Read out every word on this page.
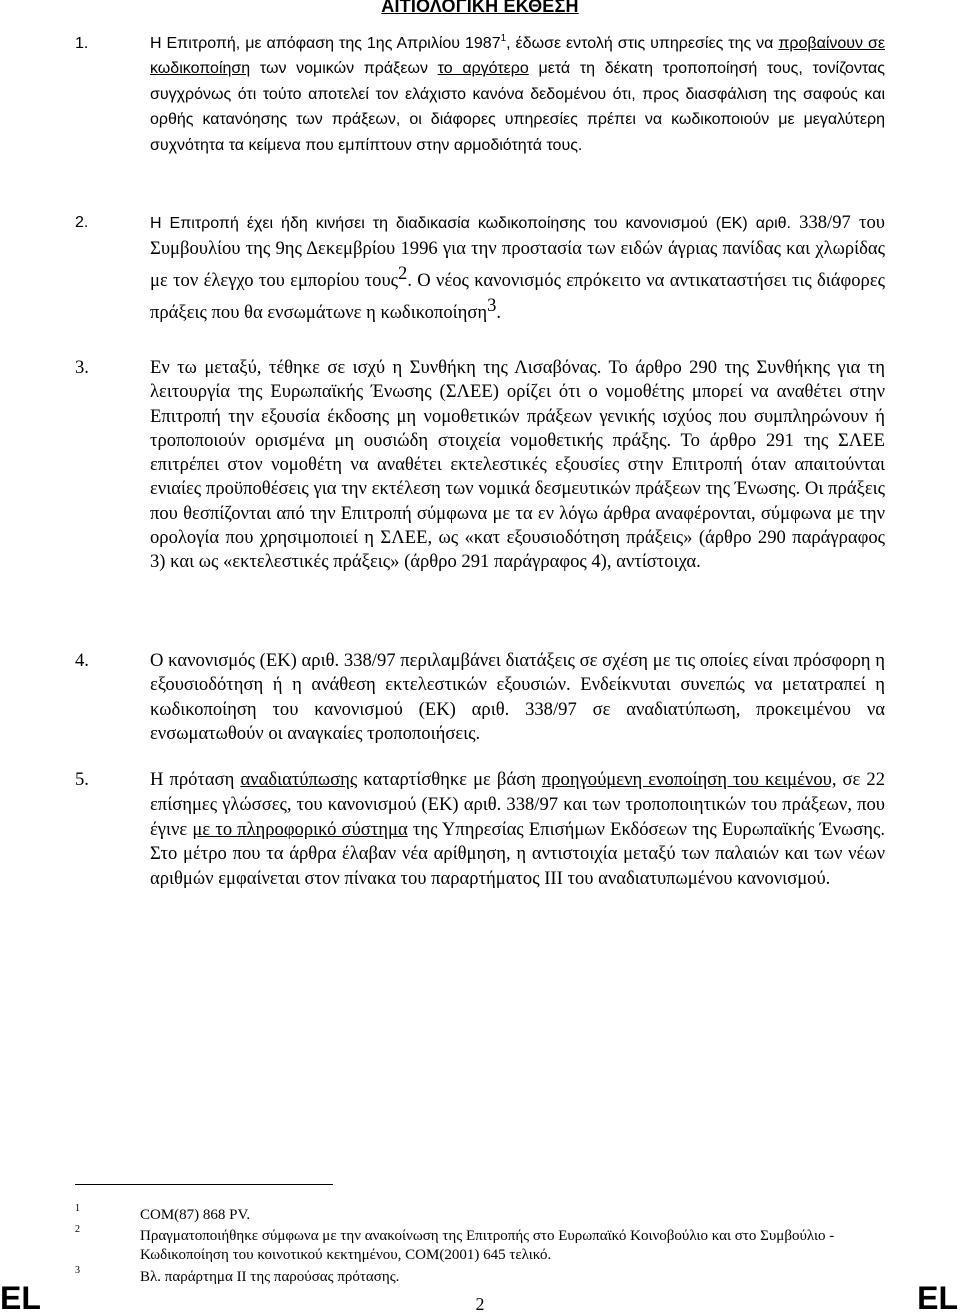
ΑΙΤΙΟΛΟΓΙΚΗ ΕΚΘΕΣΗ
1.	Η Επιτροπή, με απόφαση της 1ης Απριλίου 1987$^1$, έδωσε εντολή στις υπηρεσίες της να προβαίνουν σε κωδικοποίηση των νομικών πράξεων το αργότερο μετά τη δέκατη τροποποίησή τους, τονίζοντας συγχρόνως ότι τούτο αποτελεί τον ελάχιστο κανόνα δεδομένου ότι, προς διασφάλιση της σαφούς και ορθής κατανόησης των πράξεων, οι διάφορες υπηρεσίες πρέπει να κωδικοποιούν με μεγαλύτερη συχνότητα τα κείμενα που εμπίπτουν στην αρμοδιότητά τους.
2.	Η Επιτροπή έχει ήδη κινήσει τη διαδικασία κωδικοποίησης του κανονισμού (ΕΚ) αριθ. 338/97 του Συμβουλίου της 9ης Δεκεμβρίου 1996 για την προστασία των ειδών άγριας πανίδας και χλωρίδας με τον έλεγχο του εμπορίου τους$^2$. Ο νέος κανονισμός επρόκειτο να αντικαταστήσει τις διάφορες πράξεις που θα ενσωμάτωνε η κωδικοποίηση$^3$.
3.	Εν τω μεταξύ, τέθηκε σε ισχύ η Συνθήκη της Λισαβόνας. Το άρθρο 290 της Συνθήκης για τη λειτουργία της Ευρωπαϊκής Ένωσης (ΣΛΕΕ) ορίζει ότι ο νομοθέτης μπορεί να αναθέτει στην Επιτροπή την εξουσία έκδοσης μη νομοθετικών πράξεων γενικής ισχύος που συμπληρώνουν ή τροποποιούν ορισμένα μη ουσιώδη στοιχεία νομοθετικής πράξης. Το άρθρο 291 της ΣΛΕΕ επιτρέπει στον νομοθέτη να αναθέτει εκτελεστικές εξουσίες στην Επιτροπή όταν απαιτούνται ενιαίες προϋποθέσεις για την εκτέλεση των νομικά δεσμευτικών πράξεων της Ένωσης. Οι πράξεις που θεσπίζονται από την Επιτροπή σύμφωνα με τα εν λόγω άρθρα αναφέρονται, σύμφωνα με την ορολογία που χρησιμοποιεί η ΣΛΕΕ, ως «κατ εξουσιοδότηση πράξεις» (άρθρο 290 παράγραφος 3) και ως «εκτελεστικές πράξεις» (άρθρο 291 παράγραφος 4), αντίστοιχα.
4.	Ο κανονισμός (ΕΚ) αριθ. 338/97 περιλαμβάνει διατάξεις σε σχέση με τις οποίες είναι πρόσφορη η εξουσιοδότηση ή η ανάθεση εκτελεστικών εξουσιών. Ενδείκνυται συνεπώς να μετατραπεί η κωδικοποίηση του κανονισμού (ΕΚ) αριθ. 338/97 σε αναδιατύπωση, προκειμένου να ενσωματωθούν οι αναγκαίες τροποποιήσεις.
5.	Η πρόταση αναδιατύπωσης καταρτίσθηκε με βάση προηγούμενη ενοποίηση του κειμένου, σε 22 επίσημες γλώσσες, του κανονισμού (ΕΚ) αριθ. 338/97 και των τροποποιητικών του πράξεων, που έγινε με το πληροφορικό σύστημα της Υπηρεσίας Επισήμων Εκδόσεων της Ευρωπαϊκής Ένωσης. Στο μέτρο που τα άρθρα έλαβαν νέα αρίθμηση, η αντιστοιχία μεταξύ των παλαιών και των νέων αριθμών εμφαίνεται στον πίνακα του παραρτήματος III του αναδιατυπωμένου κανονισμού.
1	COM(87) 868 PV.
2	Πραγματοποιήθηκε σύμφωνα με την ανακοίνωση της Επιτροπής στο Ευρωπαϊκό Κοινοβούλιο και στο Συμβούλιο - Κωδικοποίηση του κοινοτικού κεκτημένου, COM(2001) 645 τελικό.
3	Βλ. παράρτημα II της παρούσας πρότασης.
EL	2	EL
